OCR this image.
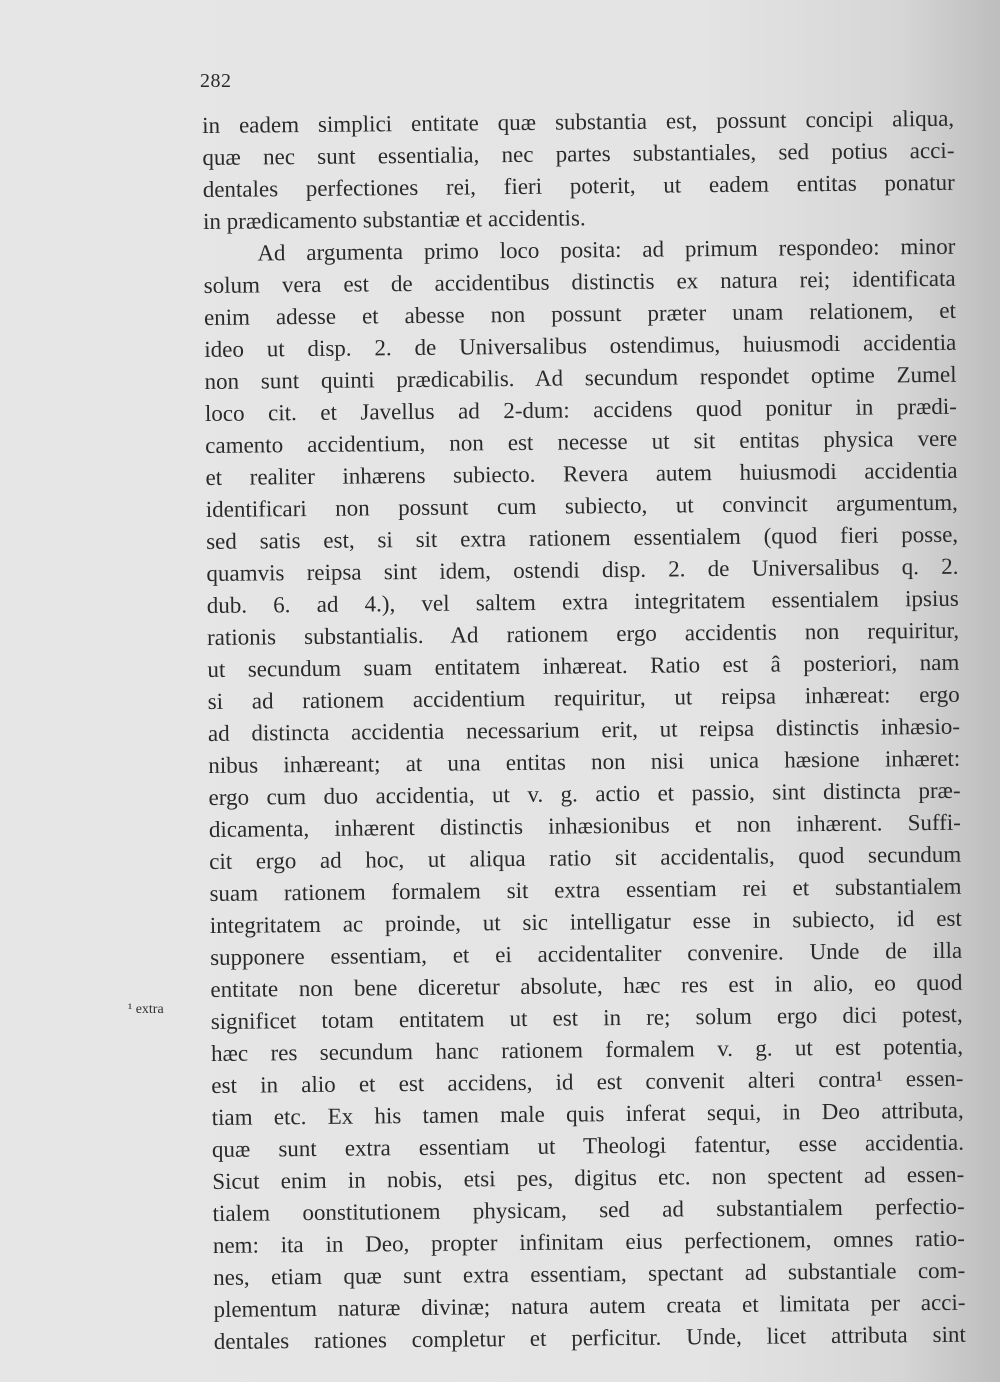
282
in eadem simplici entitate quæ substantia est, possunt concipi aliqua,
quæ nec sunt essentialia, nec partes substantiales, sed potius acci-
dentales perfectiones rei, fieri poterit, ut eadem entitas ponatur
in prædicamento substantiæ et accidentis.
Ad argumenta primo loco posita: ad primum respondeo: minor
solum vera est de accidentibus distinctis ex natura rei; identificata
enim adesse et abesse non possunt præter unam relationem, et
ideo ut disp. 2. de Universalibus ostendimus, huiusmodi accidentia
non sunt quinti prædicabilis. Ad secundum respondet optime Zumel
loco cit. et Javellus ad 2-dum: accidens quod ponitur in prædi-
camento accidentium, non est necesse ut sit entitas physica vere
et realiter inhærens subiecto. Revera autem huiusmodi accidentia
identificari non possunt cum subiecto, ut convincit argumentum,
sed satis est, si sit extra rationem essentialem (quod fieri posse,
quamvis reipsa sint idem, ostendi disp. 2. de Universalibus q. 2.
dub. 6. ad 4.), vel saltem extra integritatem essentialem ipsius
rationis substantialis. Ad rationem ergo accidentis non requiritur,
ut secundum suam entitatem inhæreat. Ratio est â posteriori, nam
si ad rationem accidentium requiritur, ut reipsa inhæreat: ergo
ad distincta accidentia necessarium erit, ut reipsa distinctis inhæsio-
nibus inhæreant; at una entitas non nisi unica hæsione inhæret:
ergo cum duo accidentia, ut v. g. actio et passio, sint distincta præ-
dicamenta, inhærent distinctis inhæsionibus et non inhærent. Suffi-
cit ergo ad hoc, ut aliqua ratio sit accidentalis, quod secundum
suam rationem formalem sit extra essentiam rei et substantialem
integritatem ac proinde, ut sic intelligatur esse in subiecto, id est
supponere essentiam, et ei accidentaliter convenire. Unde de illa
entitate non bene diceretur absolute, hæc res est in alio, eo quod
significet totam entitatem ut est in re; solum ergo dici potest,
hæc res secundum hanc rationem formalem v. g. ut est potentia,
est in alio et est accidens, id est convenit alteri contra¹ essen-
tiam etc. Ex his tamen male quis inferat sequi, in Deo attributa,
quæ sunt extra essentiam ut Theologi fatentur, esse accidentia.
Sicut enim in nobis, etsi pes, digitus etc. non spectent ad essen-
tialem oonstitutionem physicam, sed ad substantialem perfectio-
nem: ita in Deo, propter infinitam eius perfectionem, omnes ratio-
nes, etiam quæ sunt extra essentiam, spectant ad substantiale com-
plementum naturæ divinæ; natura autem creata et limitata per acci-
dentales rationes completur et perficitur. Unde, licet attributa sint
¹ extra
